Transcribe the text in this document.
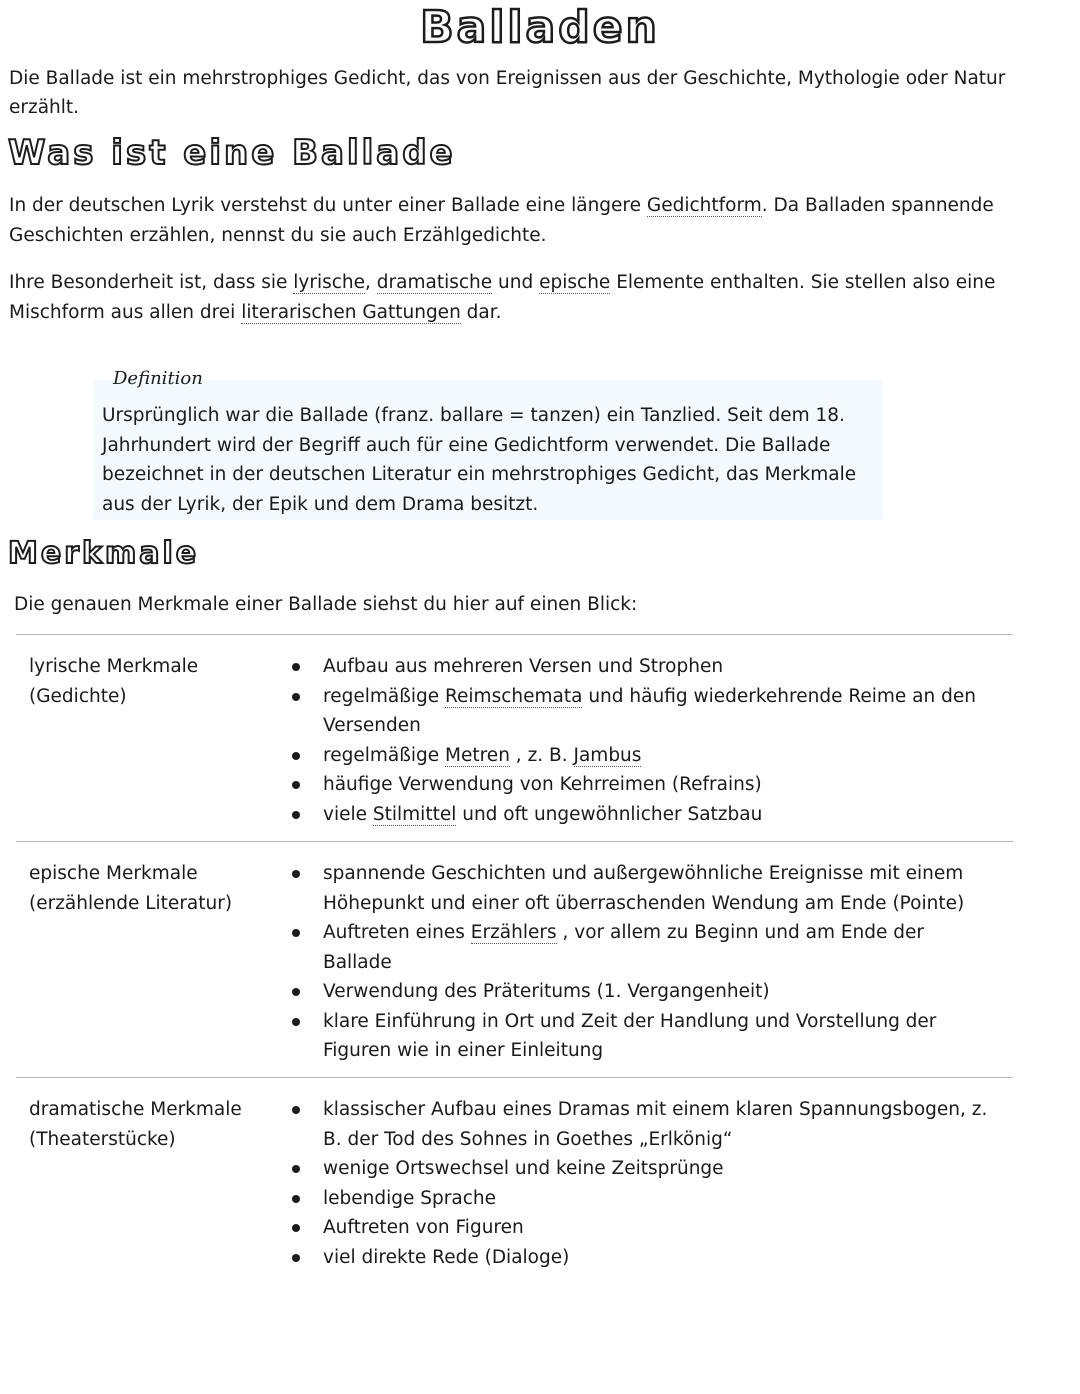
Balladen

Die Ballade ist ein mehrstrophiges Gedicht, das von Ereignissen aus der Geschichte, Mythologie oder Natur erzählt.

Was ist eine Ballade

In der deutschen Lyrik verstehst du unter einer Ballade eine längere Gedichtform. Da Balladen spannende Geschichten erzählen, nennst du sie auch Erzählgedichte.

Ihre Besonderheit ist, dass sie lyrische, dramatische und epische Elemente enthalten. Sie stellen also eine Mischform aus allen drei literarischen Gattungen dar.

Definition

Ursprünglich war die Ballade (franz. ballare = tanzen) ein Tanzlied. Seit dem 18. Jahrhundert wird der Begriff auch für eine Gedichtform verwendet. Die Ballade bezeichnet in der deutschen Literatur ein mehrstrophiges Gedicht, das Merkmale aus der Lyrik, der Epik und dem Drama besitzt.

Merkmale

Die genauen Merkmale einer Ballade siehst du hier auf einen Blick:

lyrische Merkmale
(Gedichte)
Aufbau aus mehreren Versen und Strophen
regelmäßige Reimschemata und häufig wiederkehrende Reime an den Versenden
regelmäßige Metren , z. B. Jambus
häufige Verwendung von Kehrreimen (Refrains)
viele Stilmittel und oft ungewöhnlicher Satzbau
epische Merkmale
(erzählende Literatur)
spannende Geschichten und außergewöhnliche Ereignisse mit einem Höhepunkt und einer oft überraschenden Wendung am Ende (Pointe)
Auftreten eines Erzählers , vor allem zu Beginn und am Ende der Ballade
Verwendung des Präteritums (1. Vergangenheit)
klare Einführung in Ort und Zeit der Handlung und Vorstellung der Figuren wie in einer Einleitung
dramatische Merkmale
(Theaterstücke)
klassischer Aufbau eines Dramas mit einem klaren Spannungsbogen, z. B. der Tod des Sohnes in Goethes „Erlkönig“
wenige Ortswechsel und keine Zeitsprünge
lebendige Sprache
Auftreten von Figuren
viel direkte Rede (Dialoge)
